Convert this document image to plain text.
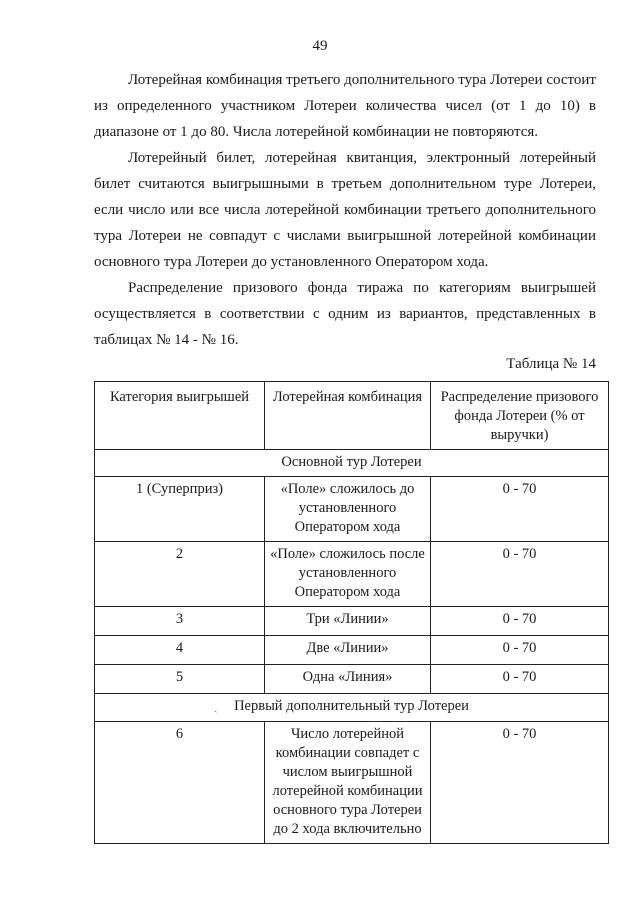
49

Лотерейная комбинация третьего дополнительного тура Лотереи состоит из определенного участником Лотереи количества чисел (от 1 до 10) в диапазоне от 1 до 80. Числа лотерейной комбинации не повторяются.

Лотерейный билет, лотерейная квитанция, электронный лотерейный билет считаются выигрышными в третьем дополнительном туре Лотереи, если число или все числа лотерейной комбинации третьего дополнительного тура Лотереи не совпадут с числами выигрышной лотерейной комбинации основного тура Лотереи до установленного Оператором хода.

Распределение призового фонда тиража по категориям выигрышей осуществляется в соответствии с одним из вариантов, представленных в таблицах № 14 - № 16.

Таблица № 14
Категория выигрышей	Лотерейная комбинация	Распределение призового фонда Лотереи (% от выручки)
Основной тур Лотереи		
1 (Суперприз)	«Поле» сложилось до установленного Оператором хода	0 - 70
2	«Поле» сложилось после установленного Оператором хода	0 - 70
3	Три «Линии»	0 - 70
4	Две «Линии»	0 - 70
5	Одна «Линия»	0 - 70
ˏ Первый дополнительный тур Лотереи		
6	Число лотерейной комбинации совпадет с числом выигрышной лотерейной комбинации основного тура Лотереи до 2 хода включительно	0 - 70
